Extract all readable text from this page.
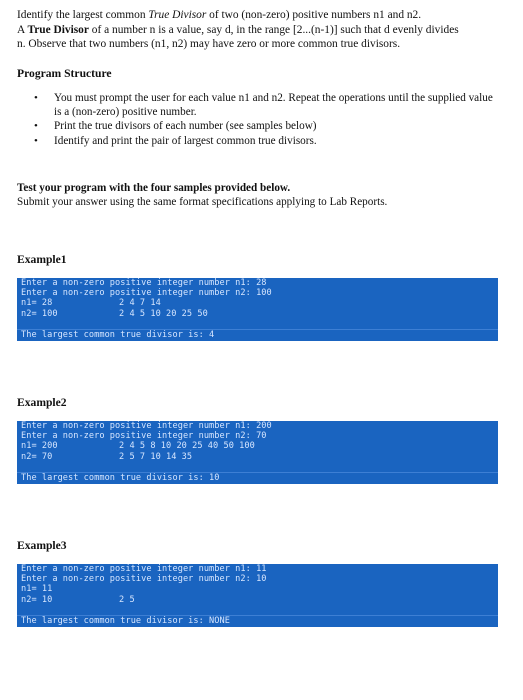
Identify the largest common True Divisor of two (non-zero) positive numbers n1 and n2.

A True Divisor of a number n is a value, say d, in the range [2...(n-1)] such that d evenly divides

n. Observe that two numbers (n1, n2) may have zero or more common true divisors.

Program Structure
• You must prompt the user for each value n1 and n2. Repeat the operations until the supplied value is a (non-zero) positive number.
• Print the true divisors of each number (see samples below)
• Identify and print the pair of largest common true divisors.

Test your program with the four samples provided below.

Submit your answer using the same format specifications applying to Lab Reports.

Example1
Enter a non-zero positive integer number n1: 28
Enter a non-zero positive integer number n2: 100
n1= 28	2 4 7 14
n2= 100	2 4 5 10 20 25 50
The largest common true divisor is: 4
Example2
Enter a non-zero positive integer number n1: 200
Enter a non-zero positive integer number n2: 70
n1= 200	2 4 5 8 10 20 25 40 50 100
n2= 70	2 5 7 10 14 35
The largest common true divisor is: 10
Example3
Enter a non-zero positive integer number n1: 11
Enter a non-zero positive integer number n2: 10
n1= 11
n2= 10	2 5
The largest common true divisor is: NONE
